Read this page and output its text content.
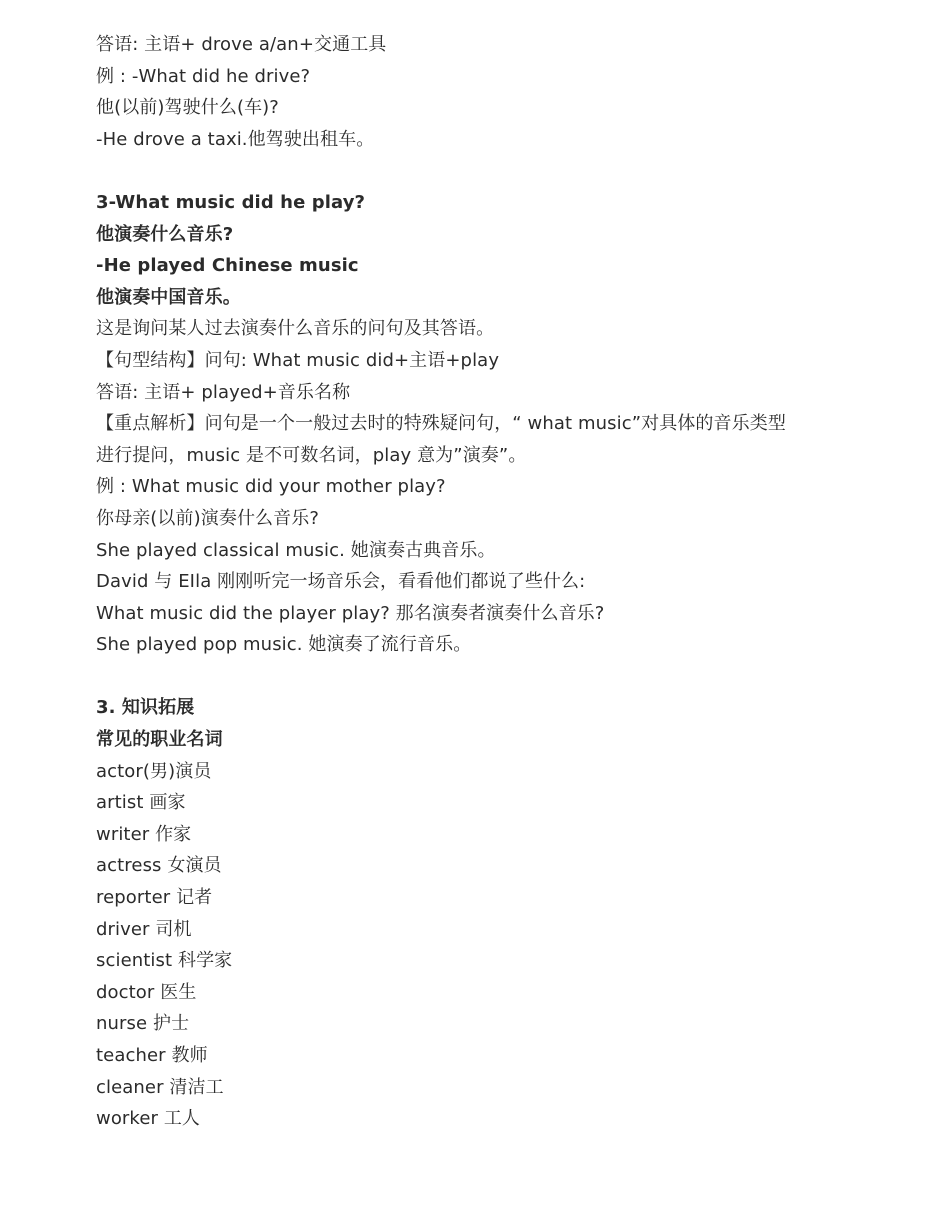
答语: 主语+ drove a/an+交通工具
例 : -What did he drive?
他(以前)驾驶什么(车)?
-He drove a taxi.他驾驶出租车。
3-What music did he play?
他演奏什么音乐?
-He played Chinese music
他演奏中国音乐。
这是询问某人过去演奏什么音乐的问句及其答语。
【句型结构】问句: What music did+主语+play
答语: 主语+ played+音乐名称
【重点解析】问句是一个一般过去时的特殊疑问句，“ what music”对具体的音乐类型
进行提问，music 是不可数名词，play 意为”演奏”。
例 : What music did your mother play?
你母亲(以前)演奏什么音乐?
She played classical music. 她演奏古典音乐。
David 与 EIla 刚刚听完一场音乐会，看看他们都说了些什么:
What music did the player play? 那名演奏者演奏什么音乐?
She played pop music. 她演奏了流行音乐。
3. 知识拓展
常见的职业名词
actor(男)演员
artist 画家
writer 作家
actress 女演员
reporter 记者
driver 司机
scientist 科学家
doctor 医生
nurse 护士
teacher 教师
cleaner 清洁工
worker 工人
